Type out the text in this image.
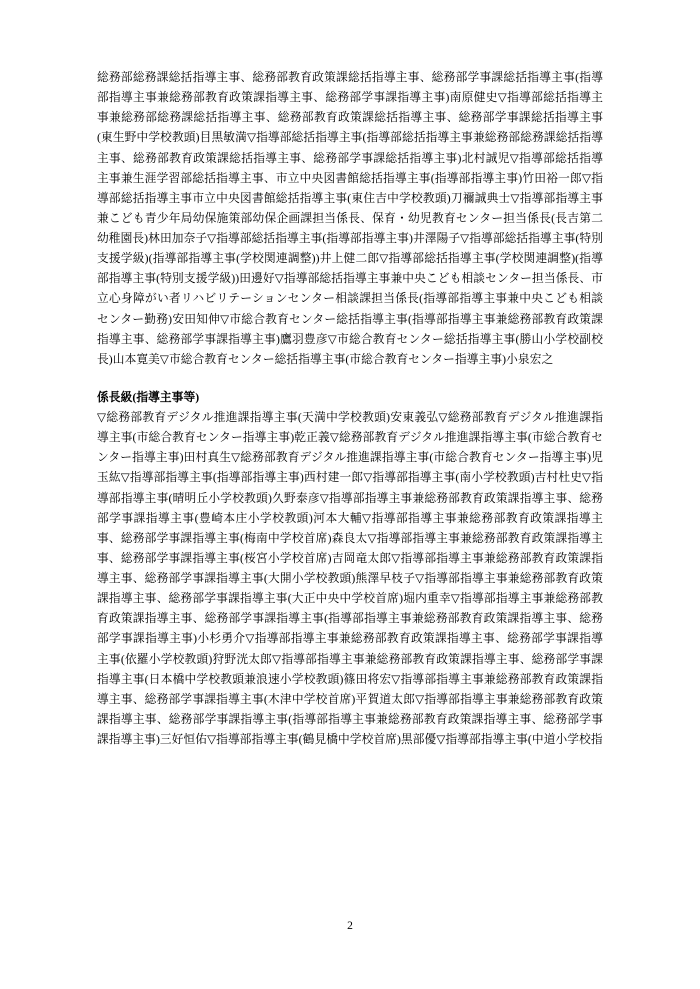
総務部総務課総括指導主事、総務部教育政策課総括指導主事、総務部学事課総括指導主事(指導部指導主事兼総務部教育政策課指導主事、総務部学事課指導主事)南原健史▽指導部総括指導主事兼総務部総務課総括指導主事、総務部教育政策課総括指導主事、総務部学事課総括指導主事(東生野中学校教頭)目黒敏満▽指導部総括指導主事(指導部総括指導主事兼総務部総務課総括指導主事、総務部教育政策課総括指導主事、総務部学事課総括指導主事)北村誠児▽指導部総括指導主事兼生涯学習部総括指導主事、市立中央図書館総括指導主事(指導部指導主事)竹田裕一郎▽指導部総括指導主事市立中央図書館総括指導主事(東住吉中学校教頭)刀禰誠典士▽指導部指導主事兼こども青少年局幼保施策部幼保企画課担当係長、保育・幼児教育センター担当係長(長吉第二幼稚園長)林田加奈子▽指導部総括指導主事(指導部指導主事)井澤陽子▽指導部総括指導主事(特別支援学級)(指導部指導主事(学校関連調整))井上健二郎▽指導部総括指導主事(学校関連調整)(指導部指導主事(特別支援学級))田邊好▽指導部総括指導主事兼中央こども相談センター担当係長、市立心身障がい者リハビリテーションセンター相談課担当係長(指導部指導主事兼中央こども相談センター勤務)安田知伸▽市総合教育センター総括指導主事(指導部指導主事兼総務部教育政策課指導主事、総務部学事課指導主事)鷹羽豊彦▽市総合教育センター総括指導主事(勝山小学校副校長)山本寛美▽市総合教育センター総括指導主事(市総合教育センター指導主事)小泉宏之

係長級(指導主事等)

▽総務部教育デジタル推進課指導主事(天満中学校教頭)安東義弘▽総務部教育デジタル推進課指導主事(市総合教育センター指導主事)乾正義▽総務部教育デジタル推進課指導主事(市総合教育センター指導主事)田村真生▽総務部教育デジタル推進課指導主事(市総合教育センター指導主事)児玉紘▽指導部指導主事(指導部指導主事)西村建一郎▽指導部指導主事(南小学校教頭)吉村杜史▽指導部指導主事(晴明丘小学校教頭)久野泰彦▽指導部指導主事兼総務部教育政策課指導主事、総務部学事課指導主事(豊崎本庄小学校教頭)河本大輔▽指導部指導主事兼総務部教育政策課指導主事、総務部学事課指導主事(梅南中学校首席)森良太▽指導部指導主事兼総務部教育政策課指導主事、総務部学事課指導主事(桜宮小学校首席)吉岡竜太郎▽指導部指導主事兼総務部教育政策課指導主事、総務部学事課指導主事(大開小学校教頭)熊澤早枝子▽指導部指導主事兼総務部教育政策課指導主事、総務部学事課指導主事(大正中央中学校首席)堀内重幸▽指導部指導主事兼総務部教育政策課指導主事、総務部学事課指導主事(指導部指導主事兼総務部教育政策課指導主事、総務部学事課指導主事)小杉勇介▽指導部指導主事兼総務部教育政策課指導主事、総務部学事課指導主事(依羅小学校教頭)狩野洸太郎▽指導部指導主事兼総務部教育政策課指導主事、総務部学事課指導主事(日本橋中学校教頭兼浪速小学校教頭)篠田将宏▽指導部指導主事兼総務部教育政策課指導主事、総務部学事課指導主事(木津中学校首席)平賀道太郎▽指導部指導主事兼総務部教育政策課指導主事、総務部学事課指導主事(指導部指導主事兼総務部教育政策課指導主事、総務部学事課指導主事)三好恒佑▽指導部指導主事(鶴見橋中学校首席)黒部優▽指導部指導主事(中道小学校指

2
